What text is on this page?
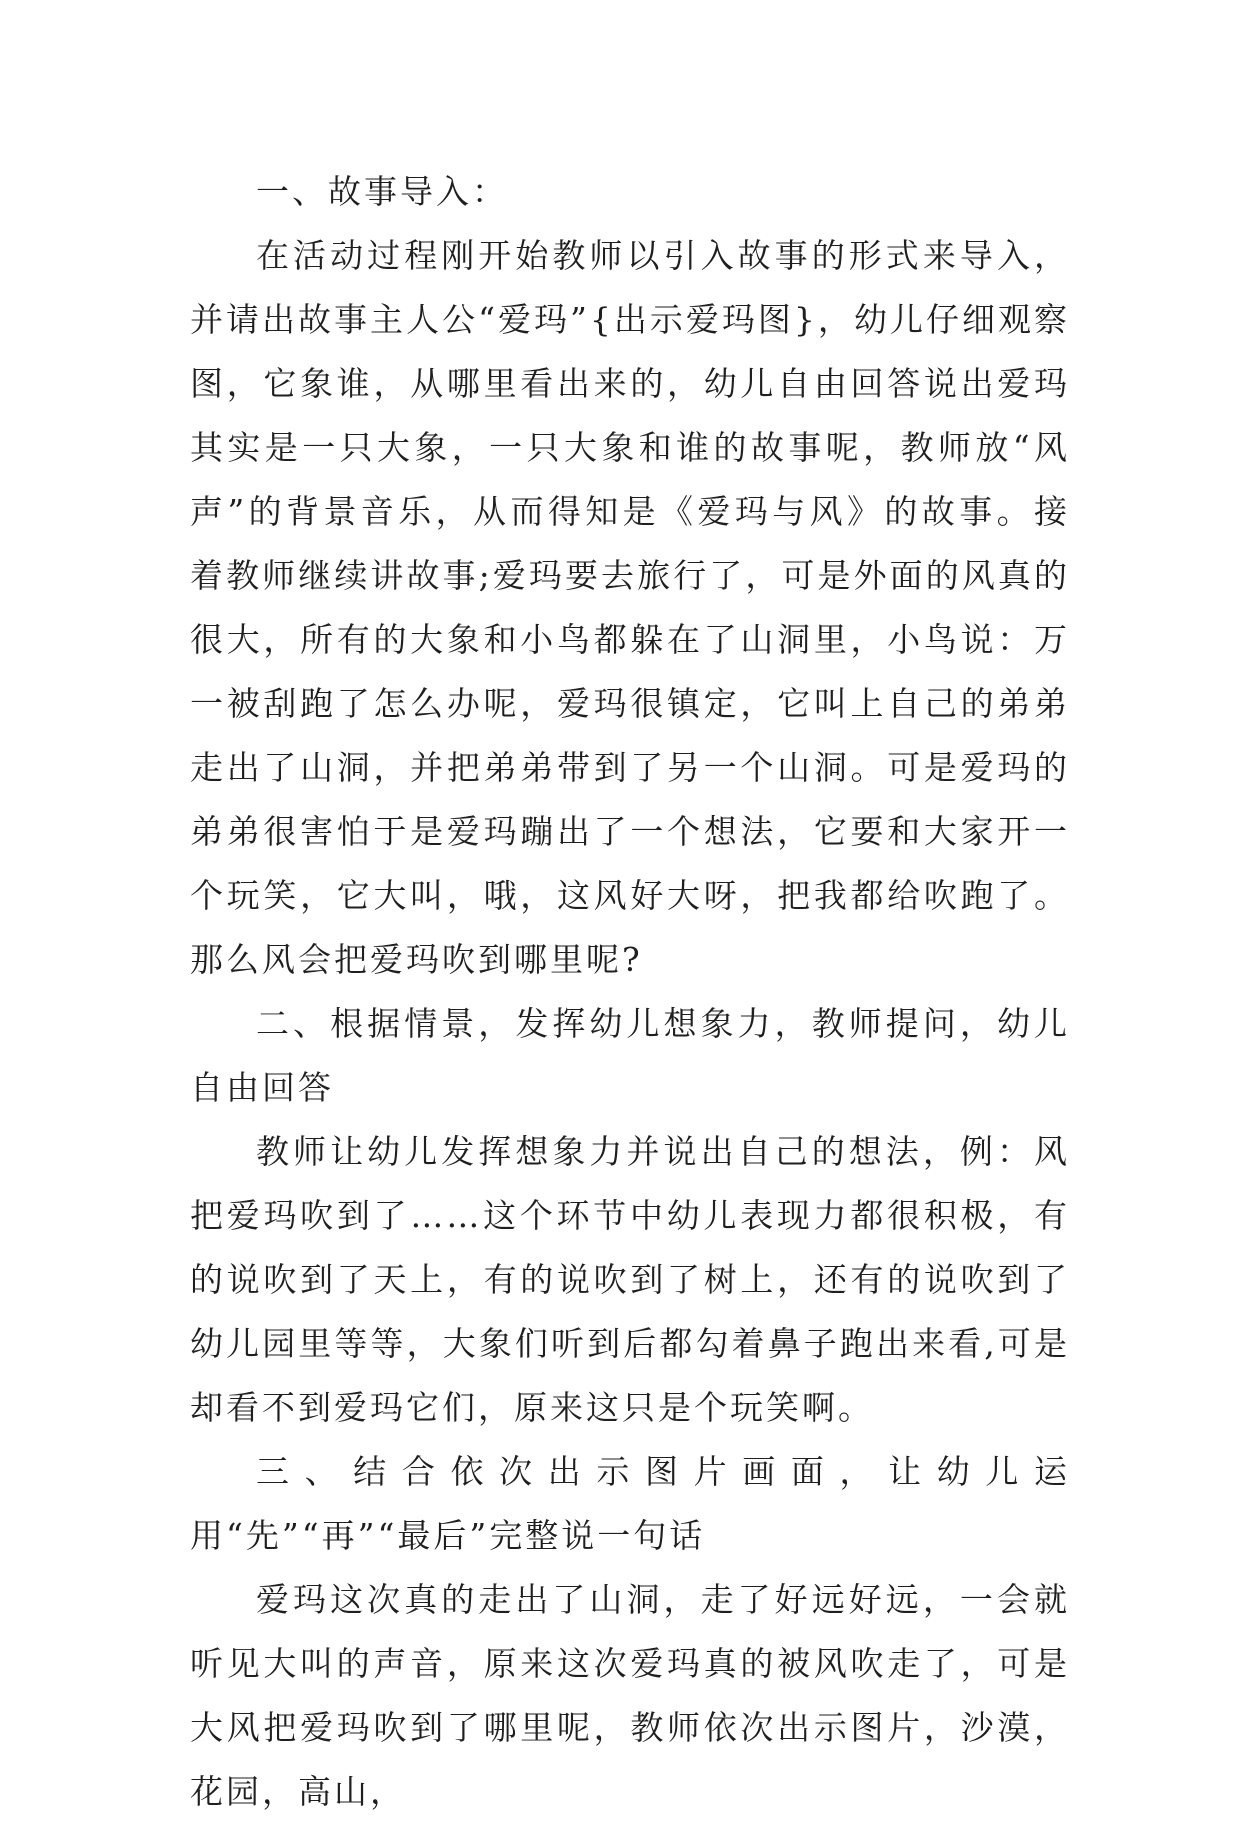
一、故事导入：

在活动过程刚开始教师以引入故事的形式来导入，并请出故事主人公“爱玛”{出示爱玛图}，幼儿仔细观察图，它象谁，从哪里看出来的，幼儿自由回答说出爱玛其实是一只大象，一只大象和谁的故事呢，教师放“风声”的背景音乐，从而得知是《爱玛与风》的故事。接着教师继续讲故事;爱玛要去旅行了，可是外面的风真的很大，所有的大象和小鸟都躲在了山洞里，小鸟说：万一被刮跑了怎么办呢，爱玛很镇定，它叫上自己的弟弟走出了山洞，并把弟弟带到了另一个山洞。可是爱玛的弟弟很害怕于是爱玛蹦出了一个想法，它要和大家开一个玩笑，它大叫，哦，这风好大呀，把我都给吹跑了。那么风会把爱玛吹到哪里呢?

二、根据情景，发挥幼儿想象力，教师提问，幼儿自由回答

教师让幼儿发挥想象力并说出自己的想法，例：风把爱玛吹到了……这个环节中幼儿表现力都很积极，有的说吹到了天上，有的说吹到了树上，还有的说吹到了幼儿园里等等，大象们听到后都勾着鼻子跑出来看,可是却看不到爱玛它们，原来这只是个玩笑啊。

三、结合依次出示图片画面，让幼儿运用“先”“再”“最后”完整说一句话

爱玛这次真的走出了山洞，走了好远好远，一会就听见大叫的声音，原来这次爱玛真的被风吹走了，可是大风把爱玛吹到了哪里呢，教师依次出示图片，沙漠，花园，高山，
